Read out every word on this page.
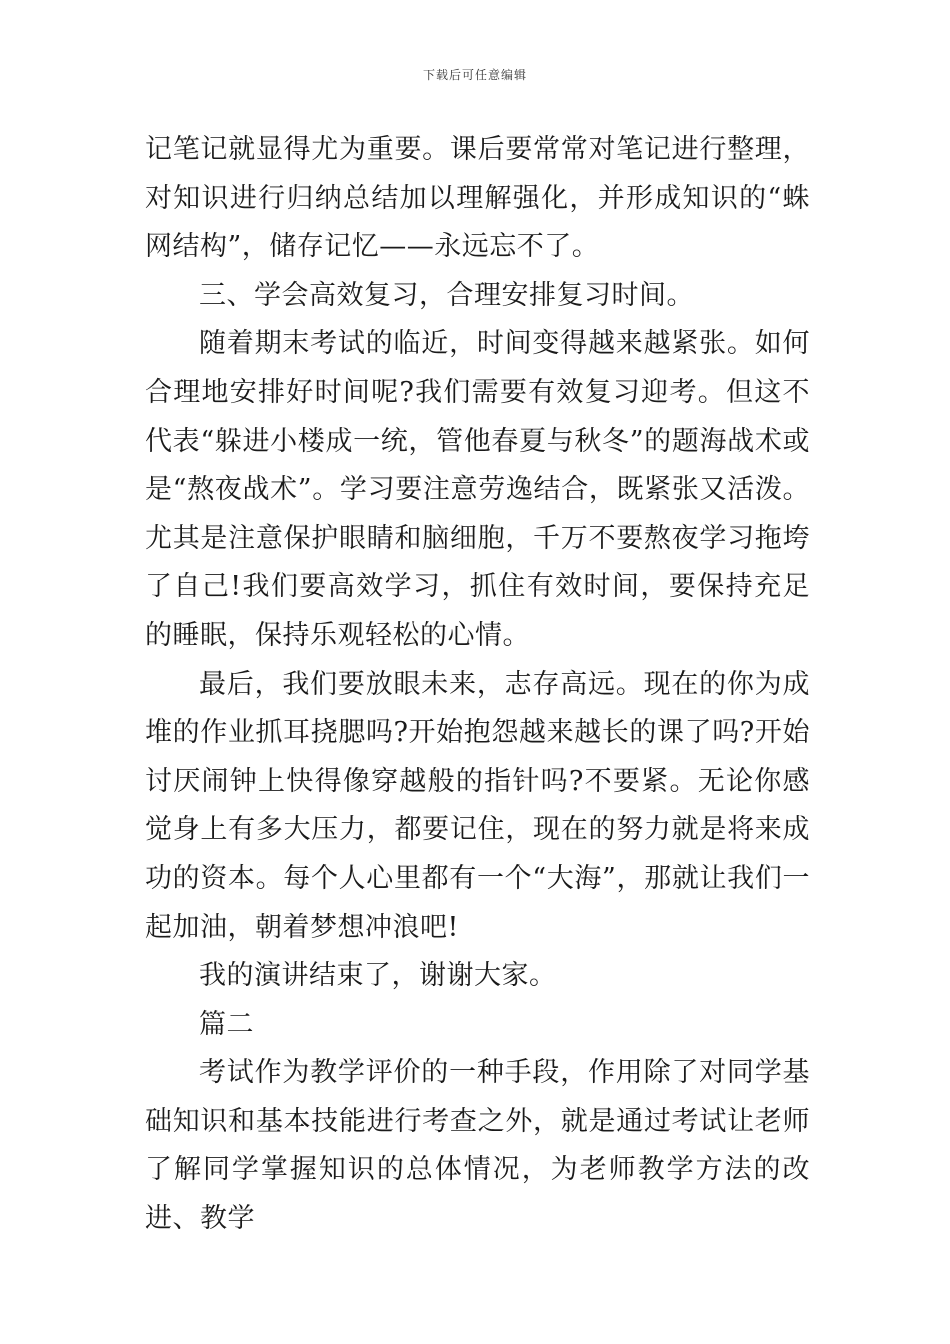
下载后可任意编辑

记笔记就显得尤为重要。课后要常常对笔记进行整理，对知识进行归纳总结加以理解强化，并形成知识的“蛛网结构”，储存记忆——永远忘不了。

三、学会高效复习，合理安排复习时间。

随着期末考试的临近，时间变得越来越紧张。如何合理地安排好时间呢?我们需要有效复习迎考。但这不代表“躲进小楼成一统，管他春夏与秋冬”的题海战术或是“熬夜战术”。学习要注意劳逸结合，既紧张又活泼。尤其是注意保护眼睛和脑细胞，千万不要熬夜学习拖垮了自己!我们要高效学习，抓住有效时间，要保持充足的睡眠，保持乐观轻松的心情。

最后，我们要放眼未来，志存高远。现在的你为成堆的作业抓耳挠腮吗?开始抱怨越来越长的课了吗?开始讨厌闹钟上快得像穿越般的指针吗?不要紧。无论你感觉身上有多大压力，都要记住，现在的努力就是将来成功的资本。每个人心里都有一个“大海”，那就让我们一起加油，朝着梦想冲浪吧!

我的演讲结束了，谢谢大家。

篇二

考试作为教学评价的一种手段，作用除了对同学基础知识和基本技能进行考查之外，就是通过考试让老师了解同学掌握知识的总体情况，为老师教学方法的改进、教学
